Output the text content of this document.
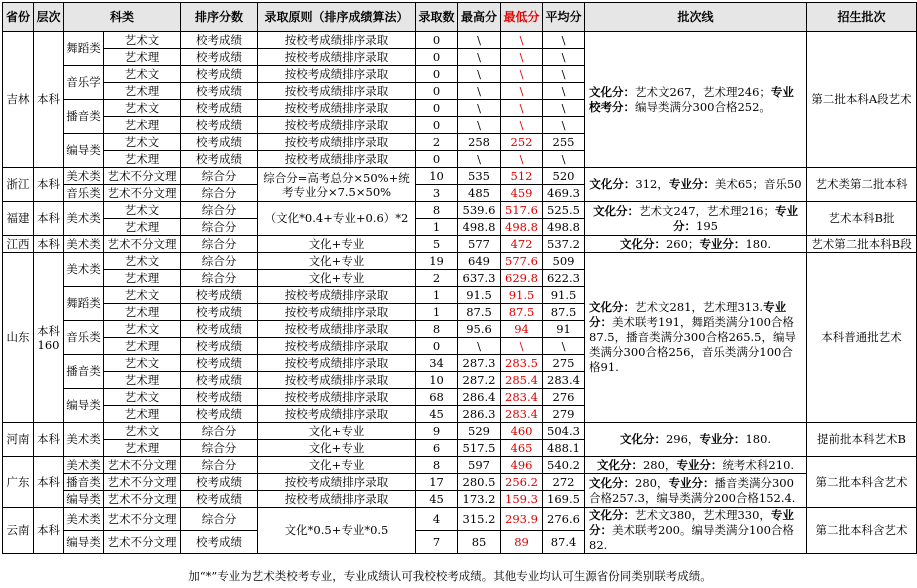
省份	层次	科类		排序分数	录取原则（排序成绩算法）	录取数	最高分	最低分	平均分	批次线	招生批次
吉林	本科	舞蹈类	艺术文	校考成绩	按校考成绩排序录取	0	\	\	\	文化分：艺术文267，艺术理246；专业校考分：编导类满分300合格252。	第二批本科A段艺术
			艺术理	校考成绩	按校考成绩排序录取	0	\	\	\		
		音乐学	艺术文	校考成绩	按校考成绩排序录取	0	\	\	\		
			艺术理	校考成绩	按校考成绩排序录取	0	\	\	\		
		播音类	艺术文	校考成绩	按校考成绩排序录取	0	\	\	\		
			艺术理	校考成绩	按校考成绩排序录取	0	\	\	\		
		编导类	艺术文	校考成绩	按校考成绩排序录取	2	258	252	255		
			艺术理	校考成绩	按校考成绩排序录取	0	\	\	\		
浙江	本科	美术类	艺术不分文理	综合分	综合分=高考总分×50%+统考专业分×7.5×50%	10	535	512	520	文化分：312，专业分：美术65；音乐50	艺术类第二批本科
		音乐类	艺术不分文理	综合分		3	485	459	469.3		
福建	本科	美术类	艺术文	综合分	（文化*0.4+专业+0.6）*2	8	539.6	517.6	525.5	文化分：艺术文247，艺术理216；专业分：195	艺术本科B批
			艺术理	综合分		1	498.8	498.8	498.8		
江西	本科	美术类	艺术不分文理	综合分	文化+专业	5	577	472	537.2	文化分：260；专业分：180.	艺术第二批本科B段
山东	本科160	美术类	艺术文	综合分	文化+专业	19	649	577.6	509	文化分：艺术文281，艺术理313.专业分：美术联考191，舞蹈类满分100合格87.5，播音类满分300合格265.5，编导类满分300合格256，音乐类满分100合格91.	本科普通批艺术
			艺术理	综合分	文化+专业	2	637.3	629.8	622.3		
		舞蹈类	艺术文	校考成绩	按校考成绩排序录取	1	91.5	91.5	91.5		
			艺术理	校考成绩	按校考成绩排序录取	1	87.5	87.5	87.5		
		音乐类	艺术文	校考成绩	按校考成绩排序录取	8	95.6	94	91		
			艺术理	校考成绩	按校考成绩排序录取	0	\	\	\		
		播音类	艺术文	校考成绩	按校考成绩排序录取	34	287.3	283.5	275		
			艺术理	校考成绩	按校考成绩排序录取	10	287.2	285.4	283.4		
		编导类	艺术文	校考成绩	按校考成绩排序录取	68	286.4	283.4	276		
			艺术理	校考成绩	按校考成绩排序录取	45	286.3	283.4	279		
河南	本科	美术类	艺术文	综合分	文化+专业	9	529	460	504.3	文化分：296，专业分：180.	提前批本科艺术B
			艺术理	综合分	文化+专业	6	517.5	465	488.1		
广东	本科	美术类	艺术不分文理	综合分	文化+专业	8	597	496	540.2	文化分：280，专业分：统考术科210.	第二批本科含艺术
		播音类	艺术不分文理	校考成绩	按校考成绩排序录取	17	280.5	256.2	272	文化分：280，专业分：播音类满分300合格257.3，编导类满分200合格152.4.	
		编导类	艺术不分文理	校考成绩	按校考成绩排序录取	45	173.2	159.3	169.5		
云南	本科	美术类	艺术不分文理	综合分	文化*0.5+专业*0.5	4	315.2	293.9	276.6	文化分：艺术文380，艺术理330，专业分：美术联考200。编导类满分100合格82.	第二批本科含艺术
		编导类	艺术不分文理	校考成绩		7	85	89	87.4		
加“*”专业为艺术类校考专业，专业成绩认可我校校考成绩。其他专业均认可生源省份同类别联考成绩。
